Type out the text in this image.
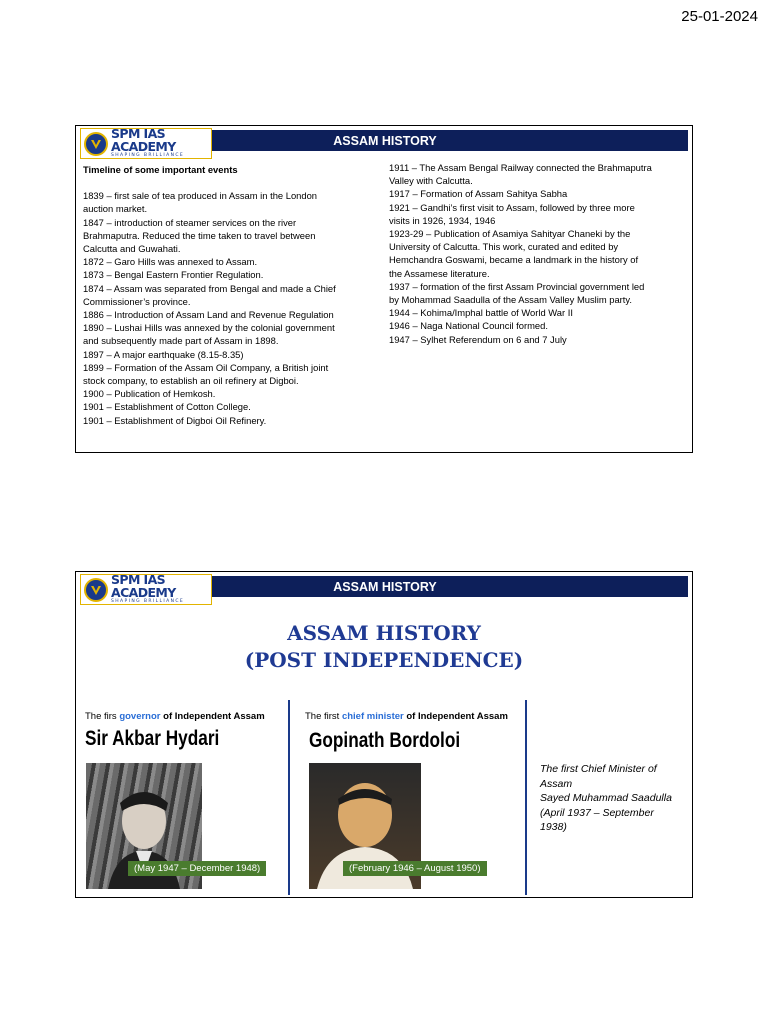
25-01-2024
SPM IAS ACADEMY
SHAPING BRILLIANCE
ASSAM HISTORY
Timeline of some important events
1839 – first sale of tea produced in Assam in the London
auction market.
1847 – introduction of steamer services on the river
Brahmaputra. Reduced the time taken to travel between
Calcutta and Guwahati.
1872 – Garo Hills was annexed to Assam.
1873 – Bengal Eastern Frontier Regulation.
1874 – Assam was separated from Bengal and made a Chief
Commissioner’s province.
1886 – Introduction of Assam Land and Revenue Regulation
1890 – Lushai Hills was annexed by the colonial government
and subsequently made part of Assam in 1898.
1897 – A major earthquake (8.15-8.35)
1899 – Formation of the Assam Oil Company, a British joint
stock company, to establish an oil refinery at Digboi.
1900 – Publication of Hemkosh.
1901 – Establishment of Cotton College.
1901 – Establishment of Digboi Oil Refinery.
1911 – The Assam Bengal Railway connected the Brahmaputra
Valley with Calcutta.
1917 – Formation of Assam Sahitya Sabha
1921 – Gandhi’s first visit to Assam, followed by three more
visits in 1926, 1934, 1946
1923-29 – Publication of Asamiya Sahityar Chaneki by the
University of Calcutta. This work, curated and edited by
Hemchandra Goswami, became a landmark in the history of
the Assamese literature.
1937 – formation of the first Assam Provincial government led
by Mohammad Saadulla of the Assam Valley Muslim party.
1944 – Kohima/Imphal battle of World War II
1946 – Naga National Council formed.
1947 – Sylhet Referendum on 6 and 7 July
SPM IAS ACADEMY
SHAPING BRILLIANCE
ASSAM HISTORY
ASSAM HISTORY
(POST INDEPENDENCE)
The firs governor of Independent Assam
Sir Akbar Hydari
(May 1947 – December 1948)
The first chief minister of Independent Assam
Gopinath Bordoloi
(February 1946 – August 1950)
The first Chief Minister of
Assam
Sayed Muhammad Saadulla
(April 1937 – September
1938)
